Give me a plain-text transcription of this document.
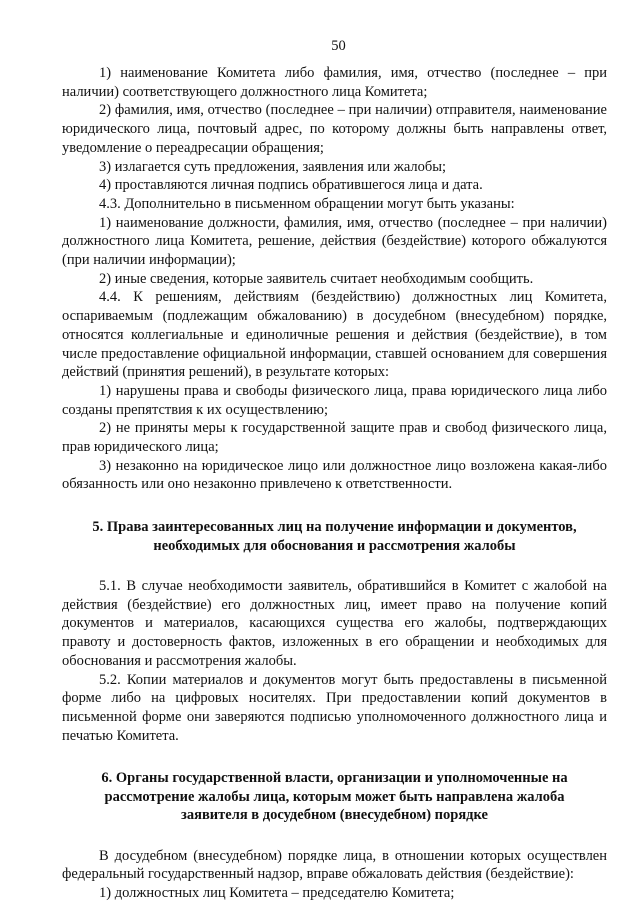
50

1) наименование Комитета либо фамилия, имя, отчество (последнее – при наличии) соответствующего должностного лица Комитета;

2) фамилия, имя, отчество (последнее – при наличии) отправителя, наименование юридического лица, почтовый адрес, по которому должны быть направлены ответ, уведомление о переадресации обращения;

3) излагается суть предложения, заявления или жалобы;

4) проставляются личная подпись обратившегося лица и дата.

4.3. Дополнительно в письменном обращении могут быть указаны:

1) наименование должности, фамилия, имя, отчество (последнее – при наличии) должностного лица Комитета, решение, действия (бездействие) которого обжалуются (при наличии информации);

2) иные сведения, которые заявитель считает необходимым сообщить.

4.4. К решениям, действиям (бездействию) должностных лиц Комитета, оспариваемым (подлежащим обжалованию) в досудебном (внесудебном) порядке, относятся коллегиальные и единоличные решения и действия (бездействие), в том числе предоставление официальной информации, ставшей основанием для совершения действий (принятия решений), в результате которых:

1) нарушены права и свободы физического лица, права юридического лица либо созданы препятствия к их осуществлению;

2) не приняты меры к государственной защите прав и свобод физического лица, прав юридического лица;

3) незаконно на юридическое лицо или должностное лицо возложена какая-либо обязанность или оно незаконно привлечено к ответственности.

5. Права заинтересованных лиц на получение информации и документов, необходимых для обоснования и рассмотрения жалобы

5.1. В случае необходимости заявитель, обратившийся в Комитет с жалобой на действия (бездействие) его должностных лиц, имеет право на получение копий документов и материалов, касающихся существа его жалобы, подтверждающих правоту и достоверность фактов, изложенных в его обращении и необходимых для обоснования и рассмотрения жалобы.

5.2. Копии материалов и документов могут быть предоставлены в письменной форме либо на цифровых носителях. При предоставлении копий документов в письменной форме они заверяются подписью уполномоченного должностного лица и печатью Комитета.

6. Органы государственной власти, организации и уполномоченные на рассмотрение жалобы лица, которым может быть направлена жалоба заявителя в досудебном (внесудебном) порядке

В досудебном (внесудебном) порядке лица, в отношении которых осуществлен федеральный государственный надзор, вправе обжаловать действия (бездействие):

1) должностных лиц Комитета – председателю Комитета;
